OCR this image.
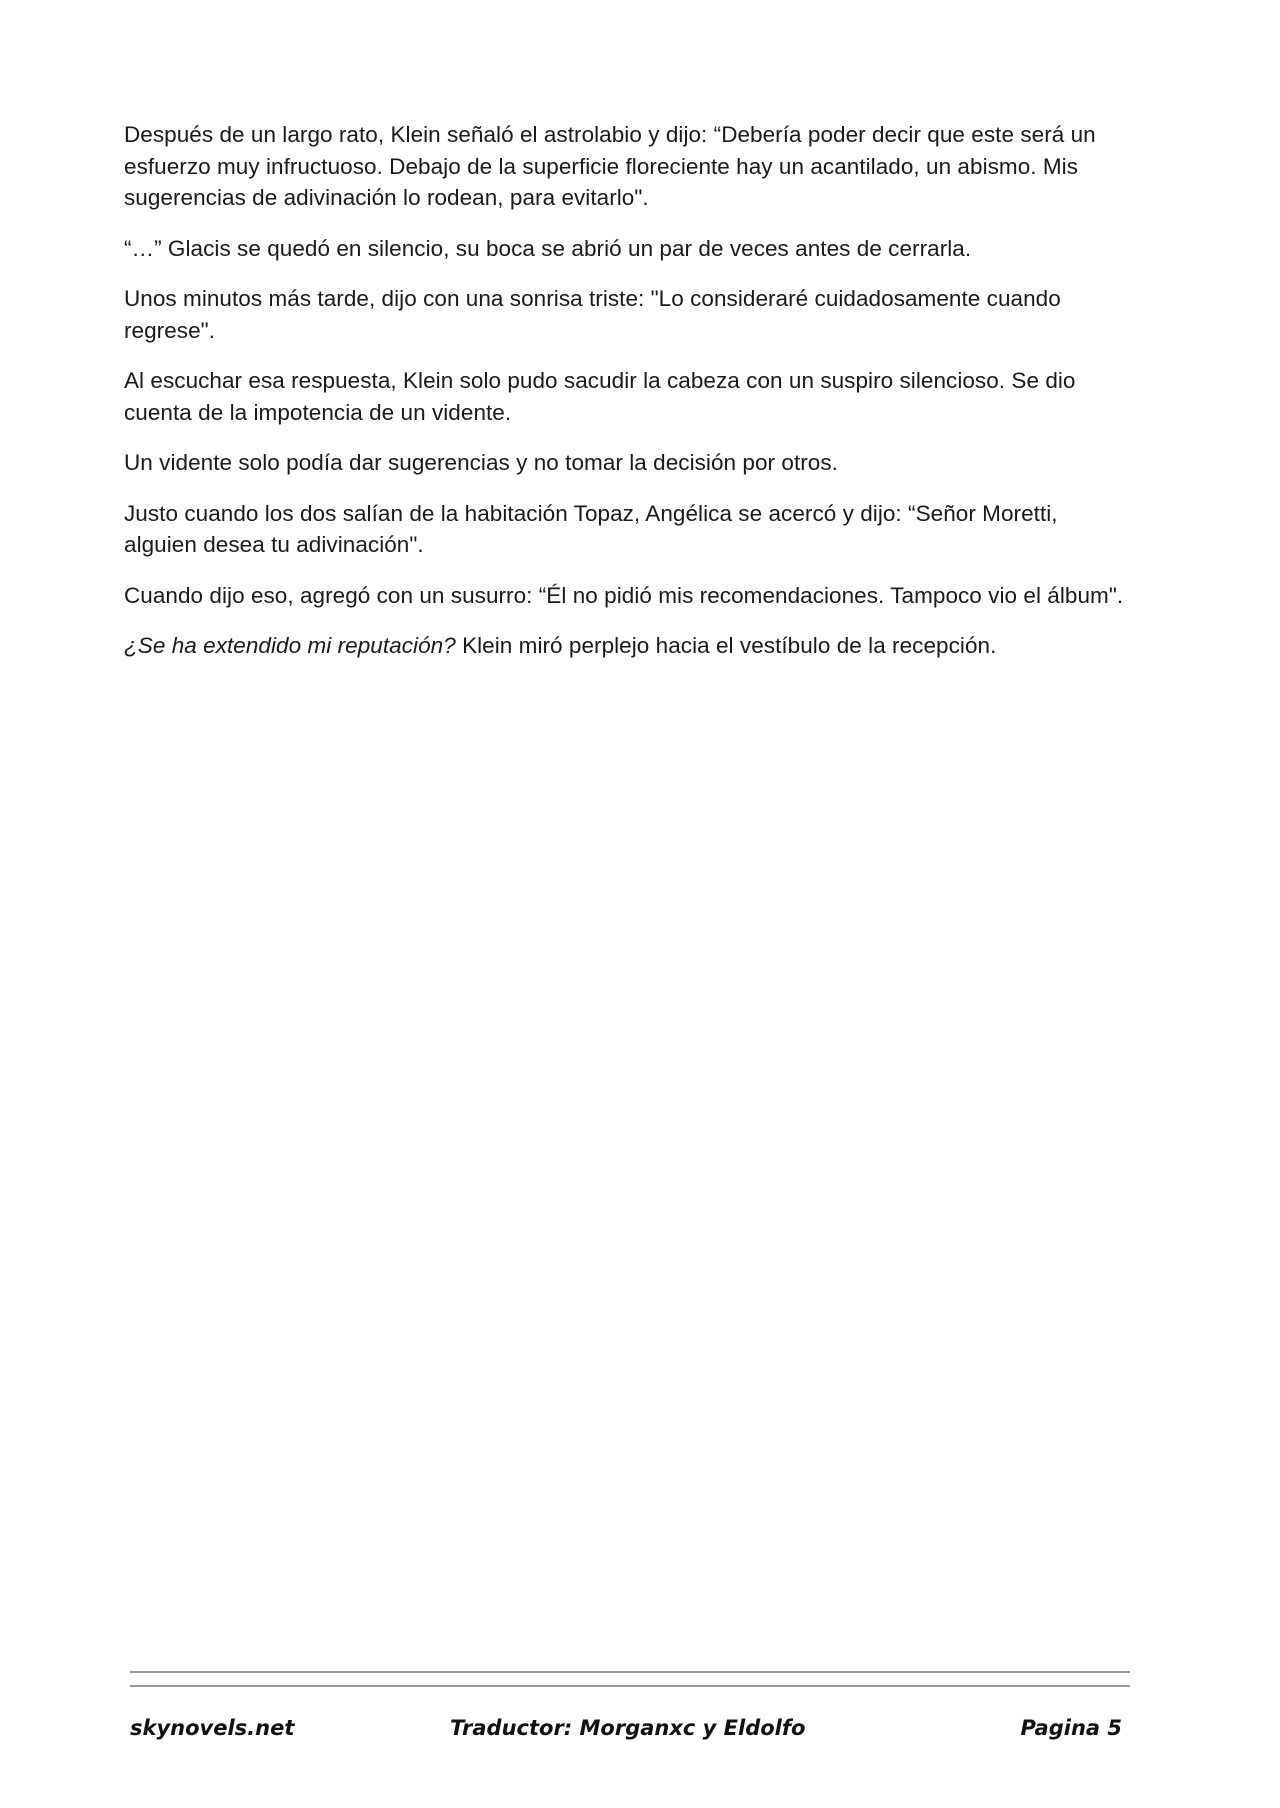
Después de un largo rato, Klein señaló el astrolabio y dijo: “Debería poder decir que este será un esfuerzo muy infructuoso. Debajo de la superficie floreciente hay un acantilado, un abismo. Mis sugerencias de adivinación lo rodean, para evitarlo".

“…” Glacis se quedó en silencio, su boca se abrió un par de veces antes de cerrarla.

Unos minutos más tarde, dijo con una sonrisa triste: "Lo consideraré cuidadosamente cuando regrese".

Al escuchar esa respuesta, Klein solo pudo sacudir la cabeza con un suspiro silencioso. Se dio cuenta de la impotencia de un vidente.

Un vidente solo podía dar sugerencias y no tomar la decisión por otros.

Justo cuando los dos salían de la habitación Topaz, Angélica se acercó y dijo: “Señor Moretti, alguien desea tu adivinación".

Cuando dijo eso, agregó con un susurro: “Él no pidió mis recomendaciones. Tampoco vio el álbum".

¿Se ha extendido mi reputación? Klein miró perplejo hacia el vestíbulo de la recepción.

skynovels.net	Traductor: Morganxc y Eldolfo	Pagina 5
